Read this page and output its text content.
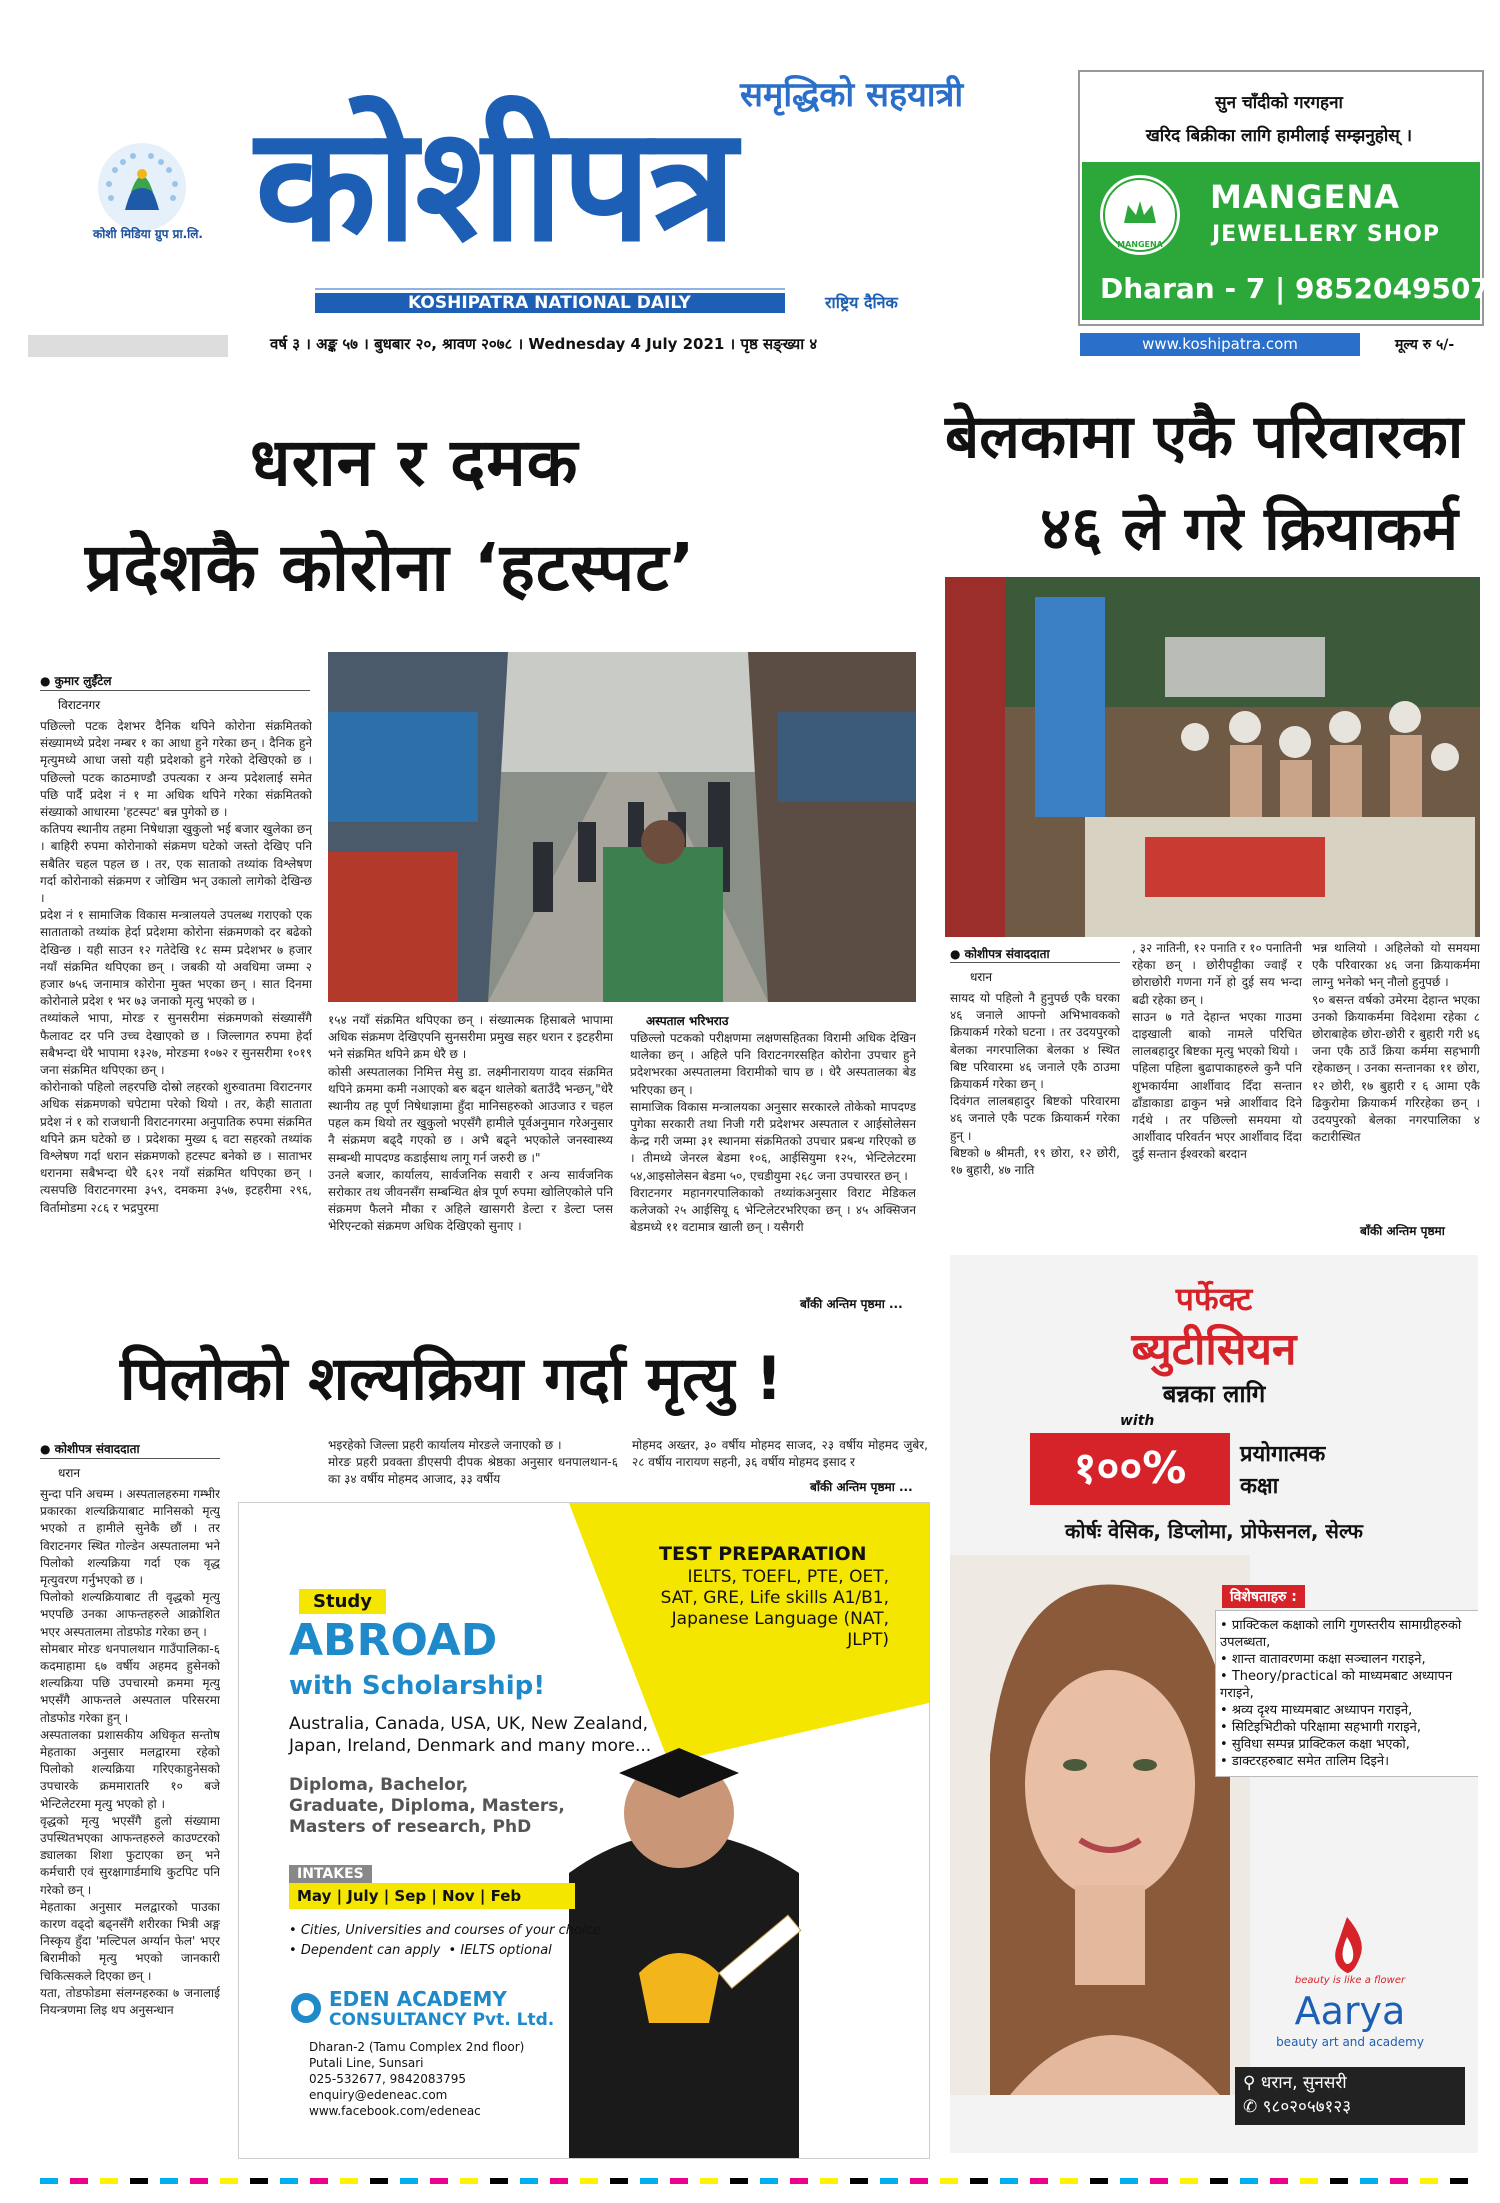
कोशी मिडिया ग्रुप प्रा.लि.
समृद्धिको सहयात्री
कोशीपत्र
KOSHIPATRA NATIONAL DAILY	राष्ट्रिय दैनिक
सुन चाँदीको गरगहना
खरिद बिक्रीका लागि हामीलाई सम्झनुहोस् ।
MANGENA
MANGENA
JEWELLERY SHOP
Dharan - 7 | 9852049507
वर्ष ३ । अङ्क ५७ । बुधबार २०, श्रावण २०७८ । Wednesday 4 July 2021 । पृष्ठ सङ्ख्या ४	www.koshipatra.com	मूल्य रु ५/-
धरान र दमक
प्रदेशकै कोरोना ‘हटस्पट’
● कुमार लुईँटेल
विराटनगर
पछिल्लो पटक देशभर दैनिक थपिने कोरोना संक्रमितको संख्यामध्ये प्रदेश नम्बर १ का आधा हुने गरेका छन् । दैनिक हुने मृत्युमध्ये आधा जसो यही प्रदेशको हुने गरेको देखिएको छ । पछिल्लो पटक काठमाण्डौ उपत्यका र अन्य प्रदेशलाई समेत पछि पार्दै प्रदेश नं १ मा अधिक थपिने गरेका संक्रमितको संख्याको आधारमा 'हटस्पट' बन्न पुगेको छ ।
कतिपय स्थानीय तहमा निषेधाज्ञा खुकुलो भई बजार खुलेका छन् । बाहिरी रुपमा कोरोनाको संक्रमण घटेको जस्तो देखिए पनि सबैतिर चहल पहल छ । तर, एक साताको तथ्यांक विश्लेषण गर्दा कोरोनाको संक्रमण र जोखिम भन् उकालो लागेको देखिन्छ ।
प्रदेश नं १ सामाजिक विकास मन्त्रालयले उपलब्ध गराएको एक साताताको तथ्यांक हेर्दा प्रदेशमा कोरोना संक्रमणको दर बढेको देखिन्छ । यही साउन १२ गतेदेखि १८ सम्म प्रदेशभर ७ हजार नयाँ संक्रमित थपिएका छन् । जबकी यो अवधिमा जम्मा २ हजार ७५६ जनामात्र कोरोना मुक्त भएका छन् । सात दिनमा कोरोनाले प्रदेश १ भर ७३ जनाको मृत्यु भएको छ ।
तथ्यांकले भापा, मोरङ र सुनसरीमा संक्रमणको संख्यासँगै फैलावट दर पनि उच्च देखाएको छ । जिल्लागत रुपमा हेर्दा सबैभन्दा धेरै भापामा १३२७, मोरङमा १०७२ र सुनसरीमा १०१९ जना संक्रमित थपिएका छन् ।
कोरोनाको पहिलो लहरपछि दोस्रो लहरको शुरुवातमा विराटनगर अधिक संक्रमणको चपेटामा परेको थियो । तर, केही साताता प्रदेश नं १ को राजधानी विराटनगरमा अनुपातिक रुपमा संक्रमित थपिने क्रम घटेको छ । प्रदेशका मुख्य ६ वटा सहरको तथ्यांक विश्लेषण गर्दा धरान संक्रमणको हटस्पट बनेको छ । साताभर धरानमा सबैभन्दा धेरै ६२१ नयाँ संक्रमित थपिएका छन् । त्यसपछि विराटनगरमा ३५९, दमकमा ३५७, इटहरीमा २९६, विर्तामोडमा २८६ र भद्रपुरमा
१५४ नयाँ संक्रमित थपिएका छन् । संख्यात्मक हिसाबले भापामा अधिक संक्रमण देखिएपनि सुनसरीमा प्रमुख सहर धरान र इटहरीमा भने संक्रमित थपिने क्रम धेरै छ ।
कोसी अस्पतालका निमित्त मेसु डा. लक्ष्मीनारायण यादव संक्रमित थपिने क्रममा कमी नआएको बरु बढ्न थालेको बताउँदै भन्छन्,"धेरै स्थानीय तह पूर्ण निषेधाज्ञामा हुँदा मानिसहरुको आउजाउ र चहल पहल कम थियो तर खुकुलो भएसँगै हामीले पूर्वअनुमान गरेअनुसार नै संक्रमण बढ्दै गएको छ । अभै बढ्ने भएकोले जनस्वास्थ्य सम्बन्धी मापदण्ड कडाईसाथ लागू गर्न जरुरी छ ।"
उनले बजार, कार्यालय, सार्वजनिक सवारी र अन्य सार्वजनिक सरोकार तथ जीवनसँग सम्बन्धित क्षेत्र पूर्ण रुपमा खोलिएकोले पनि संक्रमण फैलने मौका र अहिले खासगरी डेल्टा र डेल्टा प्लस भेरिएन्टको संक्रमण अधिक देखिएको सुनाए ।
अस्पताल भरिभराउ
पछिल्लो पटकको परीक्षणमा लक्षणसहितका विरामी अधिक देखिन थालेका छन् । अहिले पनि विराटनगरसहित कोरोना उपचार हुने प्रदेशभरका अस्पतालमा विरामीको चाप छ । धेरै अस्पतालका बेड भरिएका छन् ।
सामाजिक विकास मन्त्रालयका अनुसार सरकारले तोकेको मापदण्ड पुगेका सरकारी तथा निजी गरी प्रदेशभर अस्पताल र आईसोलेसन केन्द्र गरी जम्मा ३१ स्थानमा संक्रमितको उपचार प्रबन्ध गरिएको छ । तीमध्ये जेनरल बेडमा १०६, आईसियुमा १२५, भेन्टिलेटरमा ५४,आइसोलेसन बेडमा ५०, एचडीयुमा २६८ जना उपचाररत छन् ।
विराटनगर महानगरपालिकाको तथ्यांकअनुसार विराट मेडिकल कलेजको २५ आईसियू ६ भेन्टिलेटरभरिएका छन् । ४५ अक्सिजन बेडमध्ये ११ वटामात्र खाली छन् । यसैगरी
बाँकी अन्तिम पृष्ठमा ...
बेलकामा एकै परिवारका
४६ ले गरे क्रियाकर्म
● कोशीपत्र संवाददाता
धरान
सायद यो पहिलो नै हुनुपर्छ एकै घरका ४६ जनाले आफ्नो अभिभावकको क्रियाकर्म गरेको घटना । तर उदयपुरको बेलका नगरपालिका बेलका ४ स्थित बिष्ट परिवारमा ४६ जनाले एकै ठाउमा क्रियाकर्म गरेका छन् ।
दिवंगत लालबहादुर बिष्टको परिवारमा ४६ जनाले एकै पटक क्रियाकर्म गरेका हुन् ।
बिष्टको ७ श्रीमती, १९ छोरा, १२ छोरी, १७ बुहारी, ४७ नाति
, ३२ नातिनी, १२ पनाति र १० पनातिनी रहेका छन् । छोरीपट्टीका ज्वाइँ र छोराछोरी गणना गर्ने हो दुई सय भन्दा बढी रहेका छन् ।
साउन ७ गते देहान्त भएका गाउमा दाइखाली बाको नामले परिचित लालबहादुर बिष्टका मृत्यु भएको थियो ।
पहिला पहिला बुढापाकाहरुले कुनै पनि शुभकार्यमा आर्शीवाद दिँदा सन्तान ढाँडाकाडा ढाकुन भन्ने आर्शीवाद दिने गर्दथे । तर पछिल्लो समयमा यो आर्शीवाद परिवर्तन भएर आर्शीवाद दिंदा दुई सन्तान ईश्वरको बरदान
भन्न थालियो । अहिलेको यो समयमा एकै परिवारका ४६ जना क्रियाकर्ममा लाग्नु भनेको भन् नौलो हुनुपर्छ ।
९० बसन्त वर्षको उमेरमा देहान्त भएका उनको क्रियाकर्ममा विदेशमा रहेका ८ छोराबाहेक छोरा-छोरी र बुहारी गरी ४६ जना एकै ठाउँ क्रिया कर्ममा सहभागी रहेकाछन् । उनका सन्तानका ११ छोरा, १२ छोरी, १७ बुहारी र ६ आमा एकै ढिकुरोमा क्रियाकर्म गरिरहेका छन् । उदयपुरको बेलका नगरपालिका ४ कटारीस्थित
बाँकी अन्तिम पृष्ठमा
पिलोको शल्यक्रिया गर्दा मृत्यु !
● कोशीपत्र संवाददाता
धरान
सुन्दा पनि अचम्म । अस्पतालहरुमा गम्भीर प्रकारका शल्यक्रियाबाट मानिसको मृत्यु भएको त हामीले सुनेकै छौं । तर विराटनगर स्थित गोल्डेन अस्पतालमा भने पिलोको शल्यक्रिया गर्दा एक वृद्ध मृत्युवरण गर्नुभएको छ ।
पिलोको शल्यक्रियाबाट ती वृद्धको मृत्यु भएपछि उनका आफन्तहरुले आक्रोशित भएर अस्पतालमा तोडफोड गरेका छन् ।
सोमबार मोरङ धनपालथान गाउँपालिका-६ कदमाहामा ६७ वर्षीय अहमद हुसेनको शल्यक्रिया पछि उपचारमो क्रममा मृत्यु भएसँगै आफन्तले अस्पताल परिसरमा तोडफोड गरेका हुन् ।
अस्पतालका प्रशासकीय अधिकृत सन्तोष मेहताका अनुसार मलद्वारमा रहेको पिलोको शल्यक्रिया गरिएकाहुनेसको उपचारके क्रममारातरि १० बजे भेन्टिलेटरमा मृत्यु भएको हो ।
वृद्धको मृत्यु भएसँगै हुलो संख्यामा उपस्थितभएका आफन्तहरुले काउण्टरको ड्यालका शिशा फुटाएका छन् भने कर्मचारी एवं सुरक्षागार्डमाथि कुटपिट पनि गरेको छन् ।
मेहताका अनुसार मलद्वारको पाउका कारण वढ्दो बढ्नसँगै शरीरका भित्री अङ्ग निस्कृय हुँदा 'मल्टिपल अर्ग्यान फेल' भएर बिरामीको मृत्यु भएको जानकारी चिकित्सकले दिएका छन् ।
यता, तोडफोडमा संलग्नहरुका ७ जनालाई नियन्त्रणमा लिइ थप अनुसन्धान
भइरहेको जिल्ला प्रहरी कार्यालय मोरङले जनाएको छ ।
मोरङ प्रहरी प्रवक्ता डीएसपी दीपक श्रेष्ठका अनुसार धनपालथान-६ का ३४ वर्षीय मोहमद आजाद, ३३ वर्षीय
मोहमद अख्तर, ३० वर्षीय मोहमद साजद, २३ वर्षीय मोहमद जुबेर, २८ वर्षीय नारायण सहनी, ३६ वर्षीय मोहमद इसाद र
बाँकी अन्तिम पृष्ठमा ...
TEST PREPARATION
IELTS, TOEFL, PTE, OET, SAT, GRE, Life skills A1/B1, Japanese Language (NAT, JLPT)
Study
ABROAD
with Scholarship!
Australia, Canada, USA, UK, New Zealand, Japan, Ireland, Denmark and many more...
Diploma, Bachelor, Graduate, Diploma, Masters, Masters of research, PhD
INTAKES
May | July | Sep | Nov | Feb
• Cities, Universities and courses of your choice.
• Dependent can apply  • IELTS optional
EDEN ACADEMY
CONSULTANCY Pvt. Ltd.
Dharan-2 (Tamu Complex 2nd floor)
Putali Line, Sunsari
025-532677, 9842083795
enquiry@edeneac.com
www.facebook.com/edeneac
पर्फेक्ट
ब्युटीसियन
बन्नका लागि
with
१००%	प्रयोगात्मक
कक्षा
कोर्षः वेसिक, डिप्लोमा, प्रोफेसनल, सेल्फ
विशेषताहरु :
• प्राक्टिकल कक्षाको लागि गुणस्तरीय सामाग्रीहरुको उपलब्धता,
• शान्त वातावरणमा कक्षा सञ्चालन गराइने,
• Theory/practical को माध्यमबाट अध्यापन गराइने,
• श्रव्य दृश्य माध्यमबाट अध्यापन गराइने,
• सिटिइभिटीको परिक्षामा सहभागी गराइने,
• सुविधा सम्पन्न प्राक्टिकल कक्षा भएको,
• डाक्टरहरुबाट समेत तालिम दिइने।
beauty is like a flower
Aarya
beauty art and academy
⚲ धरान, सुनसरी
✆ ९८०२०५७१२३
